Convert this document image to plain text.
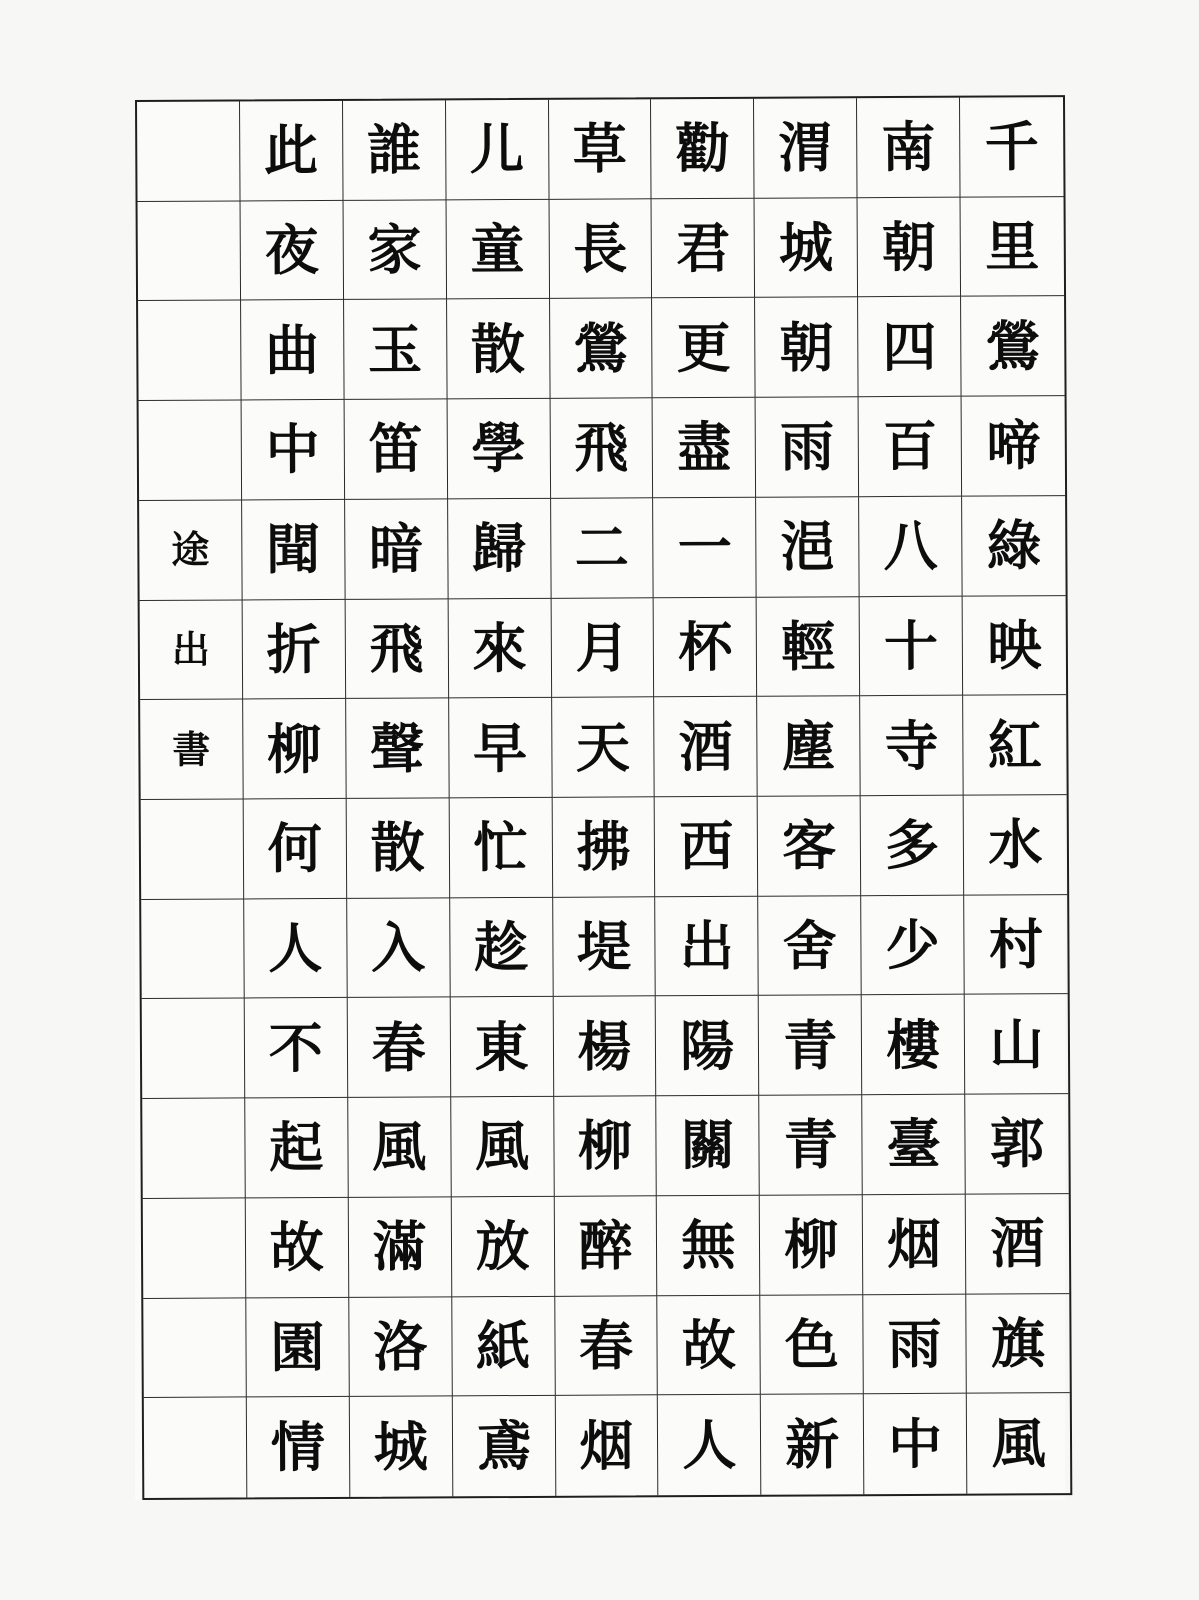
此 誰 儿 草 勸 渭 南 千
夜 家 童 長 君 城 朝 里
曲 玉 散 鶯 更 朝 四 鶯
中 笛 學 飛 盡 雨 百 啼
途	聞 暗 歸 二 一 浥 八 綠
出	折 飛 來 月 杯 輕 十 映
書	柳 聲 早 天 酒 塵 寺 紅
何 散 忙 拂 西 客 多 水
人 入 趁 堤 出 舍 少 村
不 春 東 楊 陽 青 樓 山
起 風 風 柳 關 青 臺 郭
故 滿 放 醉 無 柳 烟 酒
園 洛 紙 春 故 色 雨 旗
情 城 鳶 烟 人 新 中 風
